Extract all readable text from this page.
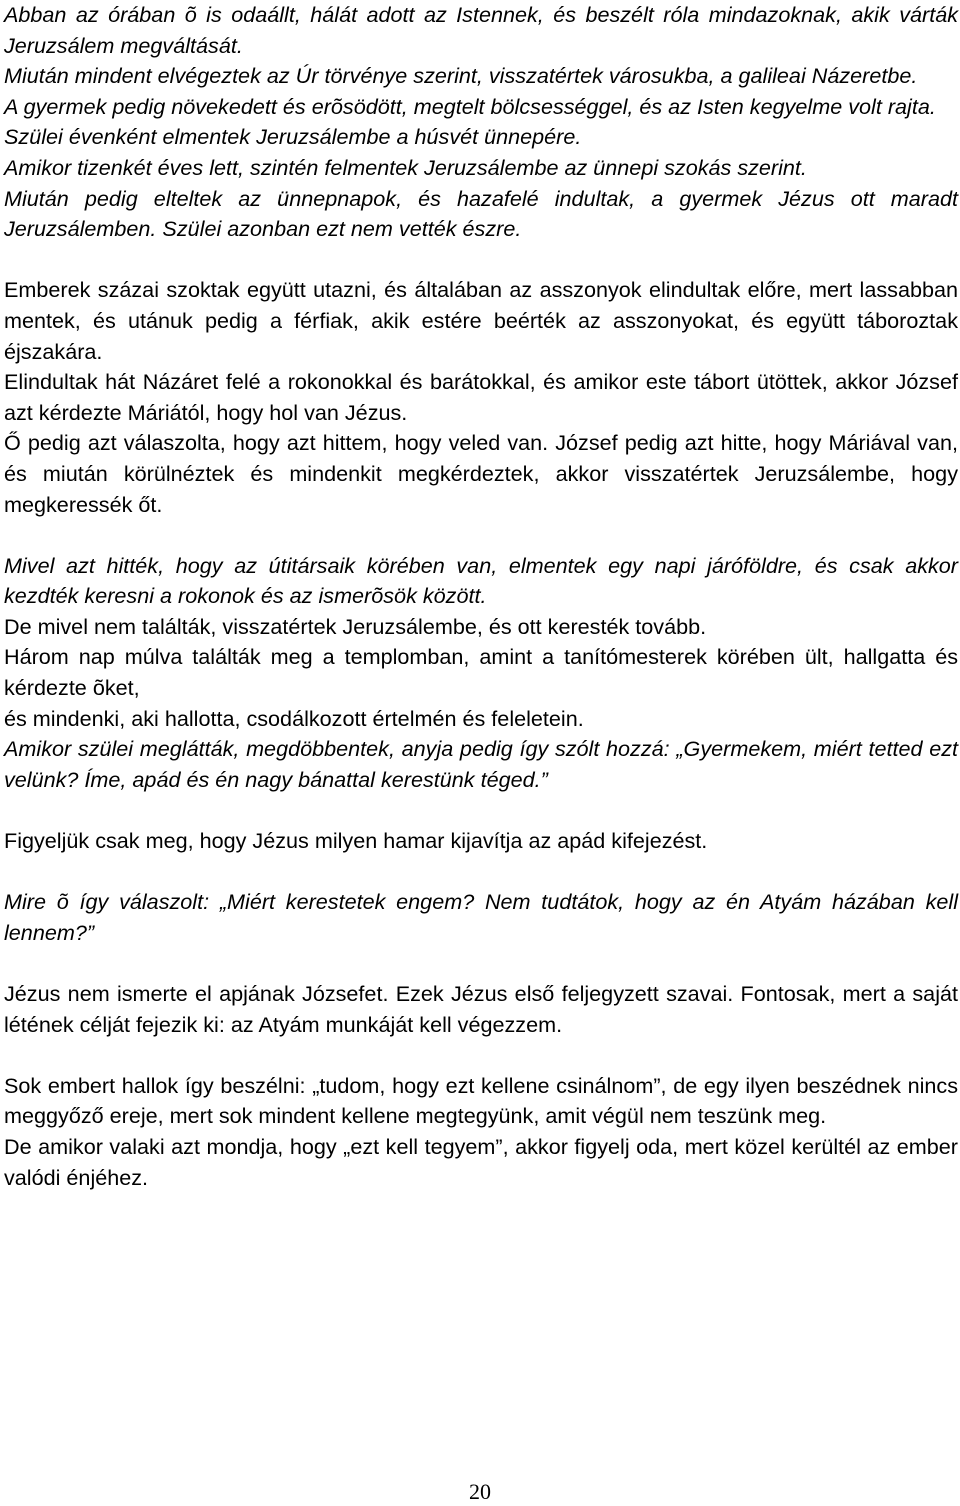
Abban az órában õ is odaállt, hálát adott az Istennek, és beszélt róla mindazoknak, akik várták Jeruzsálem megváltását.
Miután mindent elvégeztek az Úr törvénye szerint, visszatértek városukba, a galileai Názeretbe.
A gyermek pedig növekedett és erõsödött, megtelt bölcsességgel, és az Isten kegyelme volt rajta.
Szülei évenként elmentek Jeruzsálembe a húsvét ünnepére.
Amikor tizenkét éves lett, szintén felmentek Jeruzsálembe az ünnepi szokás szerint.
Miután pedig elteltek az ünnepnapok, és hazafelé indultak, a gyermek Jézus ott maradt Jeruzsálemben. Szülei azonban ezt nem vették észre.
Emberek százai szoktak együtt utazni, és általában az asszonyok elindultak előre, mert lassabban mentek, és utánuk pedig a férfiak, akik estére beérték az asszonyokat, és együtt táboroztak éjszakára.
Elindultak hát Názáret felé a rokonokkal és barátokkal, és amikor este tábort ütöttek, akkor József azt kérdezte Máriától, hogy hol van Jézus.
Ő pedig azt válaszolta, hogy azt hittem, hogy veled van. József pedig azt hitte, hogy Máriával van, és miután körülnéztek és mindenkit megkérdeztek, akkor visszatértek Jeruzsálembe, hogy megkeressék őt.
Mivel azt hitték, hogy az útitársaik körében van, elmentek egy napi járóföldre, és csak akkor kezdték keresni a rokonok és az ismerõsök között.
De mivel nem találták, visszatértek Jeruzsálembe, és ott keresték tovább.
Három nap múlva találták meg a templomban, amint a tanítómesterek körében ült, hallgatta és kérdezte õket,
és mindenki, aki hallotta, csodálkozott értelmén és feleletein.
Amikor szülei meglátták, megdöbbentek, anyja pedig így szólt hozzá: „Gyermekem, miért tetted ezt velünk? Íme, apád és én nagy bánattal kerestünk téged.”
Figyeljük csak meg, hogy Jézus milyen hamar kijavítja az apád kifejezést.
Mire õ így válaszolt: „Miért kerestetek engem? Nem tudtátok, hogy az én Atyám házában kell lennem?”
Jézus nem ismerte el apjának Józsefet. Ezek Jézus első feljegyzett szavai. Fontosak, mert a saját létének célját fejezik ki: az Atyám munkáját kell végezzem.
Sok embert hallok így beszélni: „tudom, hogy ezt kellene csinálnom”, de egy ilyen beszédnek nincs meggyőző ereje, mert sok mindent kellene megtegyünk, amit végül nem teszünk meg.
De amikor valaki azt mondja, hogy „ezt kell tegyem”, akkor figyelj oda, mert közel kerültél az ember valódi énjéhez.
20
